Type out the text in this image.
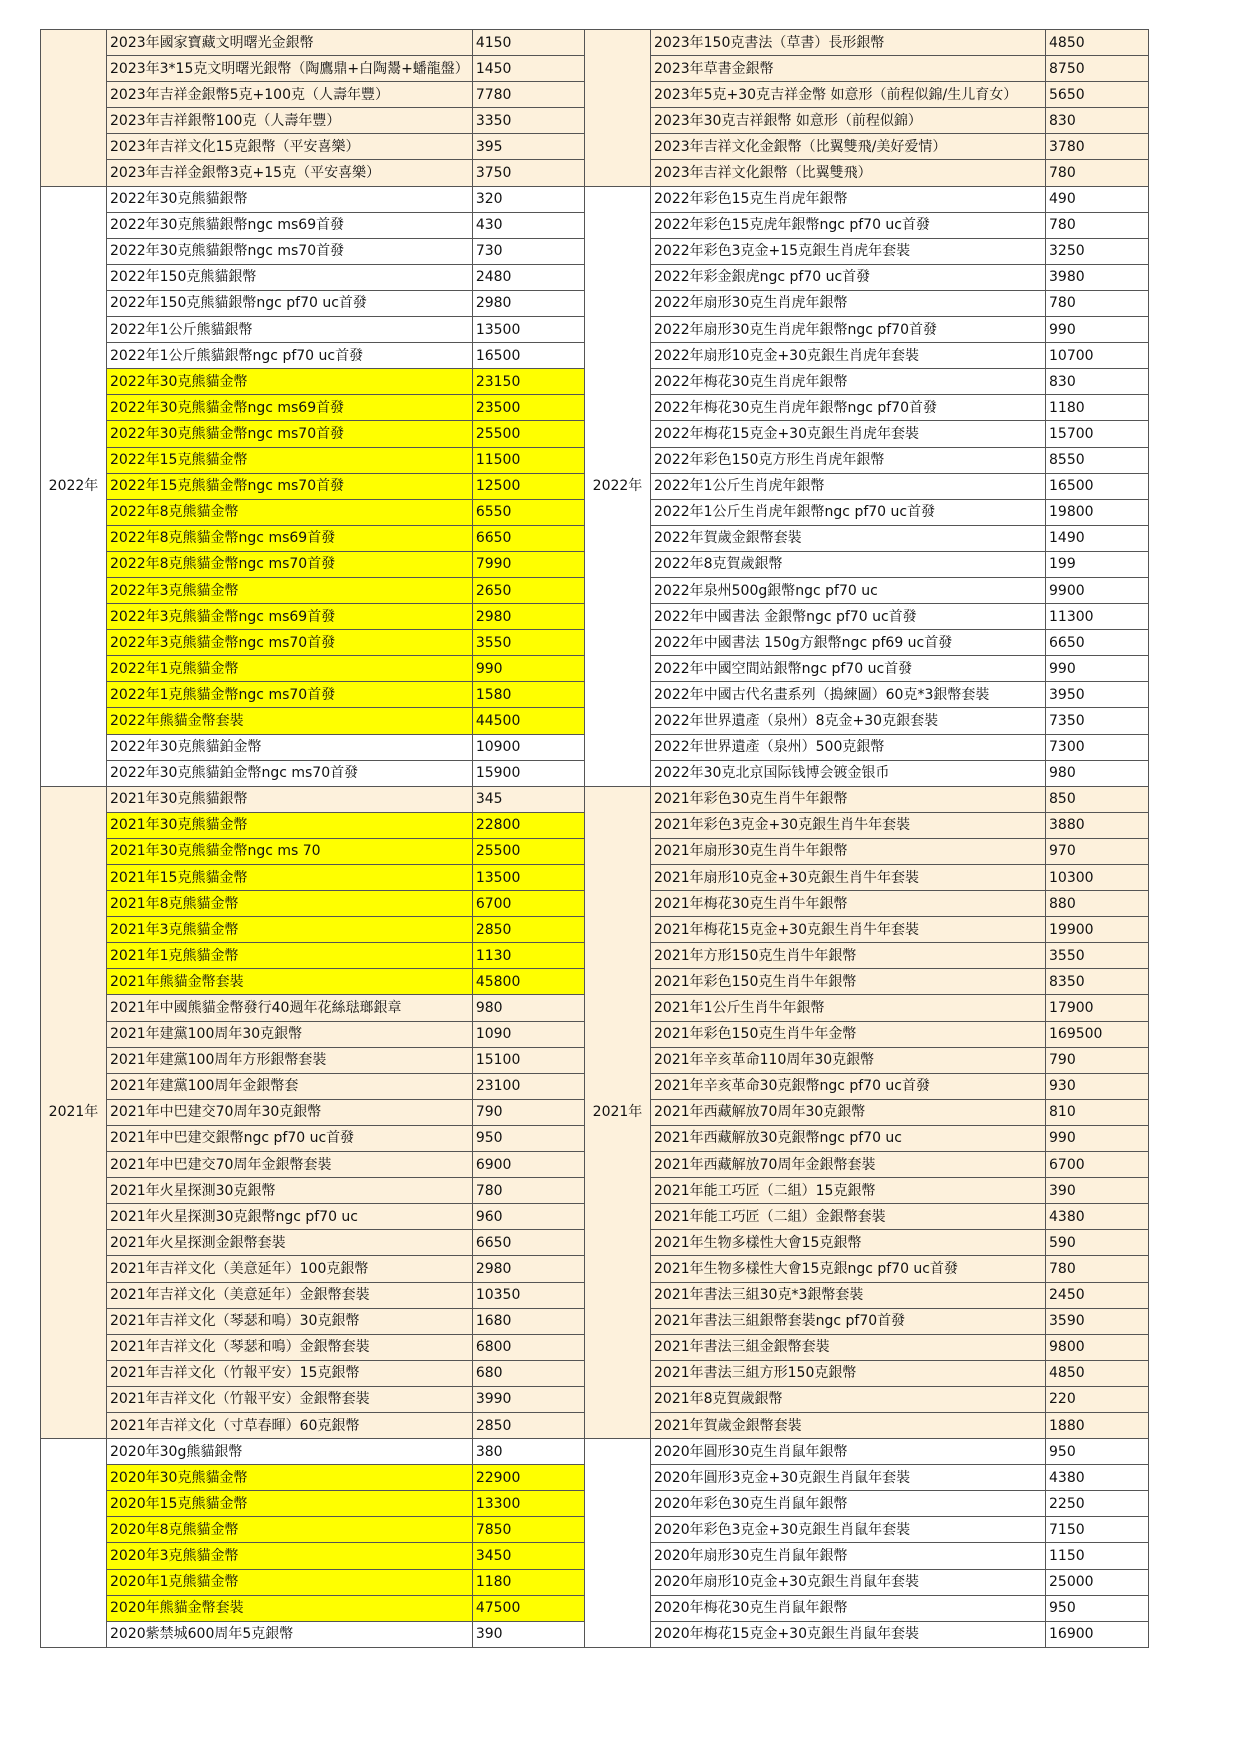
	2023年國家寶藏文明曙光金銀幣	4150
	2023年3*15克文明曙光銀幣（陶鷹鼎+白陶鬹+蟠龍盤）	1450
	2023年吉祥金銀幣5克+100克（人壽年豐）	7780
	2023年吉祥銀幣100克（人壽年豐）	3350
	2023年吉祥文化15克銀幣（平安喜樂）	395
	2023年吉祥金銀幣3克+15克（平安喜樂）	3750
2022年	2022年30克熊貓銀幣	320
	2022年30克熊貓銀幣ngc ms69首發	430
	2022年30克熊貓銀幣ngc ms70首發	730
	2022年150克熊貓銀幣	2480
	2022年150克熊貓銀幣ngc pf70 uc首發	2980
	2022年1公斤熊貓銀幣	13500
	2022年1公斤熊貓銀幣ngc pf70 uc首發	16500
	2022年30克熊貓金幣	23150
	2022年30克熊貓金幣ngc ms69首發	23500
	2022年30克熊貓金幣ngc ms70首發	25500
	2022年15克熊貓金幣	11500
	2022年15克熊貓金幣ngc ms70首發	12500
	2022年8克熊貓金幣	6550
	2022年8克熊貓金幣ngc ms69首發	6650
	2022年8克熊貓金幣ngc ms70首發	7990
	2022年3克熊貓金幣	2650
	2022年3克熊貓金幣ngc ms69首發	2980
	2022年3克熊貓金幣ngc ms70首發	3550
	2022年1克熊貓金幣	990
	2022年1克熊貓金幣ngc ms70首發	1580
	2022年熊貓金幣套裝	44500
	2022年30克熊貓鉑金幣	10900
	2022年30克熊貓鉑金幣ngc ms70首發	15900
2021年	2021年30克熊貓銀幣	345
	2021年30克熊貓金幣	22800
	2021年30克熊貓金幣ngc ms 70	25500
	2021年15克熊貓金幣	13500
	2021年8克熊貓金幣	6700
	2021年3克熊貓金幣	2850
	2021年1克熊貓金幣	1130
	2021年熊貓金幣套裝	45800
	2021年中國熊貓金幣發行40週年花絲琺瑯銀章	980
	2021年建黨100周年30克銀幣	1090
	2021年建黨100周年方形銀幣套裝	15100
	2021年建黨100周年金銀幣套	23100
	2021年中巴建交70周年30克銀幣	790
	2021年中巴建交銀幣ngc pf70 uc首發	950
	2021年中巴建交70周年金銀幣套裝	6900
	2021年火星探測30克銀幣	780
	2021年火星探測30克銀幣ngc pf70 uc	960
	2021年火星探測金銀幣套裝	6650
	2021年吉祥文化（美意延年）100克銀幣	2980
	2021年吉祥文化（美意延年）金銀幣套裝	10350
	2021年吉祥文化（琴瑟和鳴）30克銀幣	1680
	2021年吉祥文化（琴瑟和鳴）金銀幣套裝	6800
	2021年吉祥文化（竹報平安）15克銀幣	680
	2021年吉祥文化（竹報平安）金銀幣套裝	3990
	2021年吉祥文化（寸草春暉）60克銀幣	2850
	2020年30g熊貓銀幣	380
	2020年30克熊貓金幣	22900
	2020年15克熊貓金幣	13300
	2020年8克熊貓金幣	7850
	2020年3克熊貓金幣	3450
	2020年1克熊貓金幣	1180
	2020年熊貓金幣套裝	47500
	2020紫禁城600周年5克銀幣	390
	2023年150克書法（草書）長形銀幣	4850
	2023年草書金銀幣	8750
	2023年5克+30克吉祥金幣 如意形（前程似錦/生儿育女）	5650
	2023年30克吉祥銀幣 如意形（前程似錦）	830
	2023年吉祥文化金銀幣（比翼雙飛/美好爱情）	3780
	2023年吉祥文化銀幣（比翼雙飛）	780
2022年	2022年彩色15克生肖虎年銀幣	490
	2022年彩色15克虎年銀幣ngc pf70 uc首發	780
	2022年彩色3克金+15克銀生肖虎年套裝	3250
	2022年彩金銀虎ngc pf70 uc首發	3980
	2022年扇形30克生肖虎年銀幣	780
	2022年扇形30克生肖虎年銀幣ngc pf70首發	990
	2022年扇形10克金+30克銀生肖虎年套裝	10700
	2022年梅花30克生肖虎年銀幣	830
	2022年梅花30克生肖虎年銀幣ngc pf70首發	1180
	2022年梅花15克金+30克銀生肖虎年套裝	15700
	2022年彩色150克方形生肖虎年銀幣	8550
	2022年1公斤生肖虎年銀幣	16500
	2022年1公斤生肖虎年銀幣ngc pf70 uc首發	19800
	2022年賀歲金銀幣套裝	1490
	2022年8克賀歲銀幣	199
	2022年泉州500g銀幣ngc pf70 uc	9900
	2022年中國書法 金銀幣ngc pf70 uc首發	11300
	2022年中國書法 150g方銀幣ngc pf69 uc首發	6650
	2022年中國空間站銀幣ngc pf70 uc首發	990
	2022年中國古代名畫系列（搗練圖）60克*3銀幣套裝	3950
	2022年世界遺產（泉州）8克金+30克銀套裝	7350
	2022年世界遺產（泉州）500克銀幣	7300
	2022年30克北京国际钱博会镀金银币	980
2021年	2021年彩色30克生肖牛年銀幣	850
	2021年彩色3克金+30克銀生肖牛年套裝	3880
	2021年扇形30克生肖牛年銀幣	970
	2021年扇形10克金+30克銀生肖牛年套裝	10300
	2021年梅花30克生肖牛年銀幣	880
	2021年梅花15克金+30克銀生肖牛年套裝	19900
	2021年方形150克生肖牛年銀幣	3550
	2021年彩色150克生肖牛年銀幣	8350
	2021年1公斤生肖牛年銀幣	17900
	2021年彩色150克生肖牛年金幣	169500
	2021年辛亥革命110周年30克銀幣	790
	2021年辛亥革命30克銀幣ngc pf70 uc首發	930
	2021年西藏解放70周年30克銀幣	810
	2021年西藏解放30克銀幣ngc pf70 uc	990
	2021年西藏解放70周年金銀幣套裝	6700
	2021年能工巧匠（二組）15克銀幣	390
	2021年能工巧匠（二組）金銀幣套裝	4380
	2021年生物多樣性大會15克銀幣	590
	2021年生物多樣性大會15克銀ngc pf70 uc首發	780
	2021年書法三組30克*3銀幣套裝	2450
	2021年書法三組銀幣套裝ngc pf70首發	3590
	2021年書法三組金銀幣套裝	9800
	2021年書法三組方形150克銀幣	4850
	2021年8克賀歲銀幣	220
	2021年賀歲金銀幣套裝	1880
	2020年圓形30克生肖鼠年銀幣	950
	2020年圓形3克金+30克銀生肖鼠年套裝	4380
	2020年彩色30克生肖鼠年銀幣	2250
	2020年彩色3克金+30克銀生肖鼠年套裝	7150
	2020年扇形30克生肖鼠年銀幣	1150
	2020年扇形10克金+30克銀生肖鼠年套裝	25000
	2020年梅花30克生肖鼠年銀幣	950
	2020年梅花15克金+30克銀生肖鼠年套裝	16900
